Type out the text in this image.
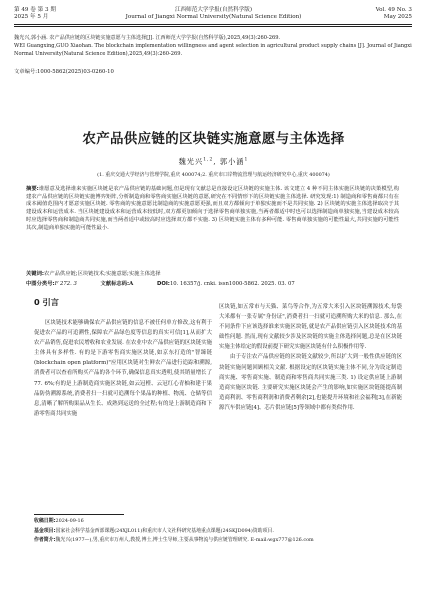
第 49 卷 第 3 期
2025 年 5 月
江西师范大学学报(自然科学版)
Journal of Jiangxi Normal University(Natural Science Edition)
Vol. 49 No. 3
May 2025

魏光兴,郭小涵. 农产品供应链的区块链实施意愿与主体选择[J]. 江西师范大学学报(自然科学版),2025,49(3):260-269.

WEI Guangxing,GUO Xiaohan. The blockchain implementation willingness and agent selection in agricultural product supply chains [J]. Journal of Jiangxi Normal University(Natural Science Edition),2025,49(3):260-269.

文章编号:1000-5862(2025)03-0260-10
农产品供应链的区块链实施意愿与主体选择
魏光兴$^{1,2}$, 郭小涵$^1$
(1. 重庆交通大学经济与管理学院,重庆 400074;2. 重庆市口岸物流管理与航运经济研究中心,重庆 400074)
摘要:谁愿意及选择谁来实施区块链是农产品供应链的基础问题,但是现有文献总是直接设定区块链的实施主体. 该文建立 4 种不同主体实施区块链的决策模型,构建农产品供应链的区块链实施博弈矩阵,分析制造商和零售商实施区块链的意愿,研究在不同情形下的区块链实施主体选择. 研究发现:1) 制造商和零售商都只有在成本阈值范围内才愿意实施区块链. 零售商的实施意愿比制造商的实施意愿更强,而且双方都倾向于单独实施而不是共同实施. 2) 区块链的实施主体选择取决于其建设成本和运营成本. 当区块链建设成本和运营成本较低时,双方都更加倾向于选择零售商单独实施,当两者都适中时也可以选择制造商单独实施,当建设成本较高时应选择零售商和制造商共同实施,而当两者适中或较高时应选择双方都不实施. 3) 区块链实施主体有多种可能. 零售商单独实施的可能性最大,共同实施的可能性其次,制造商单独实施的可能性最小.
关键词:农产品供应链;区块链技术;实施意愿;实施主体选择
中图分类号:F 272. 3	文献标志码:A	DOI:10. 16357/j. cnki. issn1000-5862. 2025. 03. 07
0 引言

区块链技术能够确保农产品供应链的信息不被任何单方修改,这有利于促进农产品的可追溯性,保障农产品绿色度等信息的真实可信[1],从而扩大农产品销售,促进农民增收和农业发展. 在农业中农产品供应链的区块链实施主体具有多样性. 有的是下游零售商实施区块链,如京东打造的"智臻链(blockchain open platform)"应用区块链对生鲜农产品进行追踪和溯源,消费者可以查看所购买产品的各个环节,确保信息真实透明,使其销量增长了 77. 6%;有的是上游制造商实施区块链,如云冠橙、云冠红心青柚和建于果品防伪溯源系统,消费者扫一扫就可追溯每个果品的种植、物流、仓储等信息,清晰了解所购果品从生长、成熟到运送的全过程;有的是上游制造商和下游零售商共同实施

区块链,如五常市与天猫、菜鸟等合作,为五常大米引入区块链溯源技术,每袋大米都有一张专属"身份证",消费者扫一扫就可追溯所购大米的信息. 那么,在不同条件下应该选择谁来实施区块链,就是农产品供应链引入区块链技术的基础性问题. 然而,现有文献较少涉及区块链的实施主体选择问题,总是在区块链实施主体给定的假设前提下研究实施区块链有什么积极作用等.

由于专注农产品供应链的区块链文献较少,所以扩大到一般性供应链的区块链实施问题回顾相关文献. 根据设定的区块链实施主体不同,分为设定制造商实施、零售商实施、制造商和零售商共同实施三类. 1) 设定供应链上游制造商实施区块链. 主要研究实施区块链会产生的影响,如实施区块链能提高制造商利润、零售商利润和消费者剩余[2],也能提升环境和社会福利[3],在新能源汽车供应链[4]、芯片供应链[5]等领域中都有类似作用.

收稿日期:2024-09-16

基金项目:国家社会科学基金西部课题(24XJL011)和重庆市人文社科研究基地重点课题(24SKJD094)资助项目.

作者简介:魏光兴(1977—),男,重庆市万州人,教授,博士,博士生导师,主要从事物流与供应链管理研究. E-mail:wgx777@126.com
